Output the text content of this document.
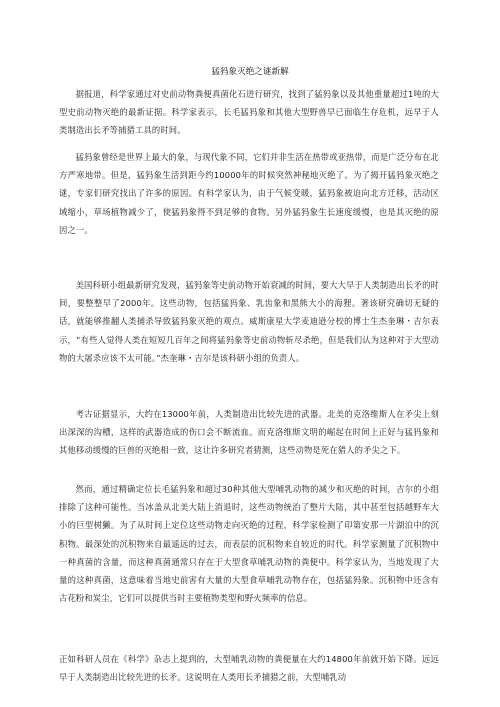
猛犸象灭绝之谜新解

据报道，科学家通过对史前动物粪便真菌化石进行研究，找到了猛犸象以及其他重量超过1吨的大型史前动物灭绝的最新证据。科学家表示，长毛猛犸象和其他大型野兽早已面临生存危机，远早于人类制造出长矛等捕猎工具的时间。

猛犸象曾经是世界上最大的象，与现代象不同，它们并非生活在热带或亚热带，而是广泛分布在北方严寒地带。但是，猛犸象生活到距今约10000年的时候突然神秘地灭绝了。为了揭开猛犸象灭绝之谜，专家们研究找出了许多的原因。有科学家认为，由于气候变暖，猛犸象被迫向北方迁移，活动区域缩小，草场植物减少了，使猛犸象得不到足够的食物。另外猛犸象生长速度缓慢，也是其灭绝的原因之一。

美国科研小组最新研究发现，猛犸象等史前动物开始衰减的时间，要大大早于人类制造出长矛的时间，要整整早了2000年。这些动物，包括猛犸象、乳齿象和黑熊大小的海狸。著该研究确切无疑的话，就能够推翻人类捕杀导致猛犸象灭绝的观点。威斯康星大学麦迪逊分校的博士生杰奎琳・吉尔表示，“有些人觉得人类在短短几百年之间将猛犸象等史前动物斩尽杀绝，但是我们认为这种对于大型动物的大屠杀应该不太可能。”杰奎琳・吉尔是该科研小组的负责人。

考古证据显示，大约在13000年前，人类制造出比较先进的武器。北美的克洛维斯人在矛尖上刻出深深的沟槽，这样的武器造成的伤口会不断流血。而克洛维斯文明的崛起在时间上正好与猛犸象和其他移动缓慢的巨兽的灭绝相一致，这让许多研究者猜测，这些动物是死在猎人的矛尖之下。

然而，通过精确定位长毛猛犸象和超过30种其他大型哺乳动物的减少和灭绝的时间，吉尔的小组排除了这种可能性。当冰盖从北美大陆上消退时，这些动物统治了整片大陆，其中甚至包括越野车大小的巨型树獭。为了从时间上定位这些动物走向灭绝的过程，科学家检测了印第安那一片湖泊中的沉积物。最深处的沉积物来自最遥远的过去，而表层的沉积物来自较近的时代。科学家测量了沉积物中一种真菌的含量，而这种真菌通常只存在于大型食草哺乳动物的粪便中。科学家认为，当地发现了大量的这种真菌，这意味着当地史前害有大量的大型食草哺乳动物存在，包括猛犸象。沉积物中还含有古花粉和炭尘，它们可以提供当时主要植物类型和野火频率的信息。

正如科研人员在《科学》杂志上提到的，大型哺乳动物的粪便量在大约14800年前就开始下降。远远早于人类制造出比较先进的长矛。这说明在人类用长矛捕猎之前，大型哺乳动
